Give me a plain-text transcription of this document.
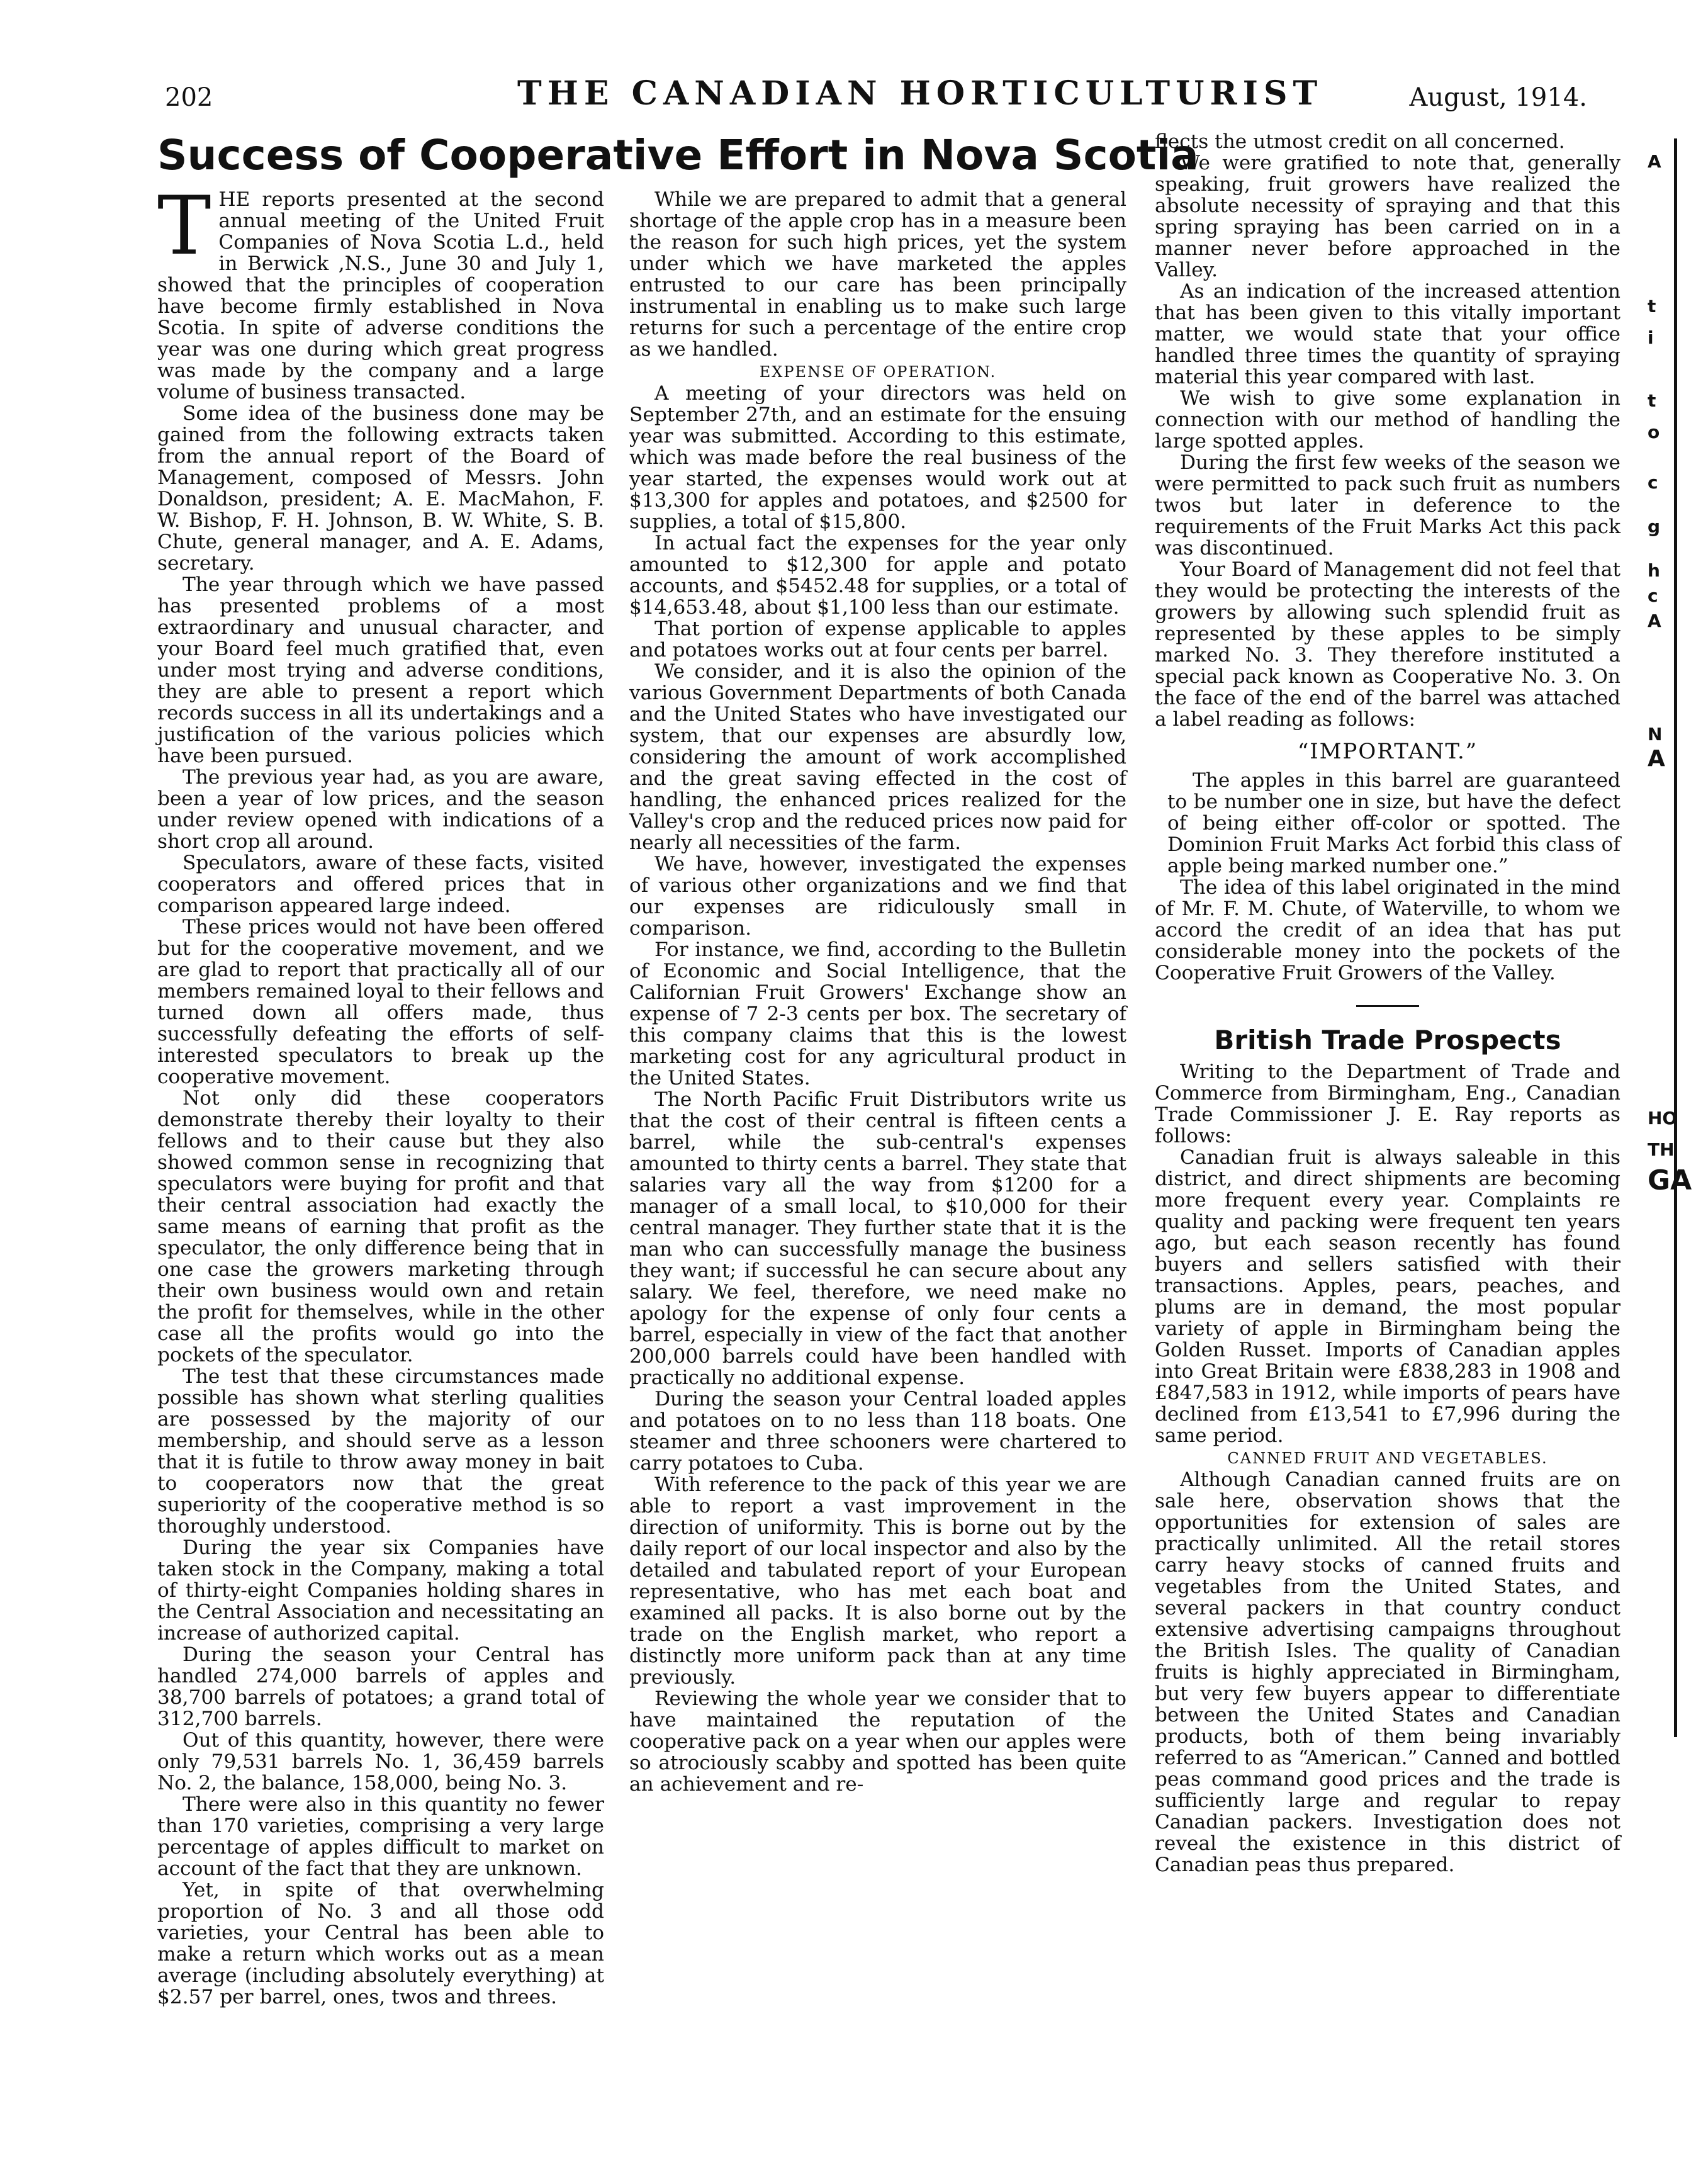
202	THE CANADIAN HORTICULTURIST	August, 1914.
Success of Cooperative Effort in Nova Scotia

THE reports presented at the second annual meeting of the United Fruit Companies of Nova Scotia L.d., held in Berwick ,N.S., June 30 and July 1, showed that the principles of cooperation have become firmly established in Nova Scotia. In spite of adverse conditions the year was one during which great progress was made by the company and a large volume of business transacted.

Some idea of the business done may be gained from the following extracts taken from the annual report of the Board of Management, composed of Messrs. John Donaldson, president; A. E. MacMahon, F. W. Bishop, F. H. Johnson, B. W. White, S. B. Chute, general manager, and A. E. Adams, secretary.

The year through which we have passed has presented problems of a most extraordinary and unusual character, and your Board feel much gratified that, even under most trying and adverse conditions, they are able to present a report which records success in all its undertakings and a justification of the various policies which have been pursued.

The previous year had, as you are aware, been a year of low prices, and the season under review opened with indications of a short crop all around.

Speculators, aware of these facts, visited cooperators and offered prices that in comparison appeared large indeed.

These prices would not have been offered but for the cooperative movement, and we are glad to report that practically all of our members remained loyal to their fellows and turned down all offers made, thus successfully defeating the efforts of self-interested speculators to break up the cooperative movement.

Not only did these cooperators demonstrate thereby their loyalty to their fellows and to their cause but they also showed common sense in recognizing that speculators were buying for profit and that their central association had exactly the same means of earning that profit as the speculator, the only difference being that in one case the growers marketing through their own business would own and retain the profit for themselves, while in the other case all the profits would go into the pockets of the speculator.

The test that these circumstances made possible has shown what sterling qualities are possessed by the majority of our membership, and should serve as a lesson that it is futile to throw away money in bait to cooperators now that the great superiority of the cooperative method is so thoroughly understood.

During the year six Companies have taken stock in the Company, making a total of thirty-eight Companies holding shares in the Central Association and necessitating an increase of authorized capital.

During the season your Central has handled 274,000 barrels of apples and 38,700 barrels of potatoes; a grand total of 312,700 barrels.

Out of this quantity, however, there were only 79,531 barrels No. 1, 36,459 barrels No. 2, the balance, 158,000, being No. 3.

There were also in this quantity no fewer than 170 varieties, comprising a very large percentage of apples difficult to market on account of the fact that they are unknown.

Yet, in spite of that overwhelming proportion of No. 3 and all those odd varieties, your Central has been able to make a return which works out as a mean average (including absolutely everything) at $2.57 per barrel, ones, twos and threes.

While we are prepared to admit that a general shortage of the apple crop has in a measure been the reason for such high prices, yet the system under which we have marketed the apples entrusted to our care has been principally instrumental in enabling us to make such large returns for such a percentage of the entire crop as we handled.

EXPENSE OF OPERATION.

A meeting of your directors was held on September 27th, and an estimate for the ensuing year was submitted. According to this estimate, which was made before the real business of the year started, the expenses would work out at $13,300 for apples and potatoes, and $2500 for supplies, a total of $15,800.

In actual fact the expenses for the year only amounted to $12,300 for apple and potato accounts, and $5452.48 for supplies, or a total of $14,653.48, about $1,100 less than our estimate.

That portion of expense applicable to apples and potatoes works out at four cents per barrel.

We consider, and it is also the opinion of the various Government Departments of both Canada and the United States who have investigated our system, that our expenses are absurdly low, considering the amount of work accomplished and the great saving effected in the cost of handling, the enhanced prices realized for the Valley's crop and the reduced prices now paid for nearly all necessities of the farm.

We have, however, investigated the expenses of various other organizations and we find that our expenses are ridiculously small in comparison.

For instance, we find, according to the Bulletin of Economic and Social Intelligence, that the Californian Fruit Growers' Exchange show an expense of 7 2-3 cents per box. The secretary of this company claims that this is the lowest marketing cost for any agricultural product in the United States.

The North Pacific Fruit Distributors write us that the cost of their central is fifteen cents a barrel, while the sub-central's expenses amounted to thirty cents a barrel. They state that salaries vary all the way from $1200 for a manager of a small local, to $10,000 for their central manager. They further state that it is the man who can successfully manage the business they want; if successful he can secure about any salary. We feel, therefore, we need make no apology for the expense of only four cents a barrel, especially in view of the fact that another 200,000 barrels could have been handled with practically no additional expense.

During the season your Central loaded apples and potatoes on to no less than 118 boats. One steamer and three schooners were chartered to carry potatoes to Cuba.

With reference to the pack of this year we are able to report a vast improvement in the direction of uniformity. This is borne out by the daily report of our local inspector and also by the detailed and tabulated report of your European representative, who has met each boat and examined all packs. It is also borne out by the trade on the English market, who report a distinctly more uniform pack than at any time previously.

Reviewing the whole year we consider that to have maintained the reputation of the cooperative pack on a year when our apples were so atrociously scabby and spotted has been quite an achievement and re-

flects the utmost credit on all concerned.

We were gratified to note that, generally speaking, fruit growers have realized the absolute necessity of spraying and that this spring spraying has been carried on in a manner never before approached in the Valley.

As an indication of the increased attention that has been given to this vitally important matter, we would state that your office handled three times the quantity of spraying material this year compared with last.

We wish to give some explanation in connection with our method of handling the large spotted apples.

During the first few weeks of the season we were permitted to pack such fruit as numbers twos but later in deference to the requirements of the Fruit Marks Act this pack was discontinued.

Your Board of Management did not feel that they would be protecting the interests of the growers by allowing such splendid fruit as represented by these apples to be simply marked No. 3. They therefore instituted a special pack known as Cooperative No. 3. On the face of the end of the barrel was attached a label reading as follows:

“IMPORTANT.”

The apples in this barrel are guaranteed to be number one in size, but have the defect of being either off-color or spotted. The Dominion Fruit Marks Act forbid this class of apple being marked number one.”

The idea of this label originated in the mind of Mr. F. M. Chute, of Waterville, to whom we accord the credit of an idea that has put considerable money into the pockets of the Cooperative Fruit Growers of the Valley.

British Trade Prospects

Writing to the Department of Trade and Commerce from Birmingham, Eng., Canadian Trade Commissioner J. E. Ray reports as follows:

Canadian fruit is always saleable in this district, and direct shipments are becoming more frequent every year. Complaints re quality and packing were frequent ten years ago, but each season recently has found buyers and sellers satisfied with their transactions. Apples, pears, peaches, and plums are in demand, the most popular variety of apple in Birmingham being the Golden Russet. Imports of Canadian apples into Great Britain were £838,283 in 1908 and £847,583 in 1912, while imports of pears have declined from £13,541 to £7,996 during the same period.

CANNED FRUIT AND VEGETABLES.

Although Canadian canned fruits are on sale here, observation shows that the opportunities for extension of sales are practically unlimited. All the retail stores carry heavy stocks of canned fruits and vegetables from the United States, and several packers in that country conduct extensive advertising campaigns throughout the British Isles. The quality of Canadian fruits is highly appreciated in Birmingham, but very few buyers appear to differentiate between the United States and Canadian products, both of them being invariably referred to as “American.” Canned and bottled peas command good prices and the trade is sufficiently large and regular to repay Canadian packers. Investigation does not reveal the existence in this district of Canadian peas thus prepared.

A
t
i
t
o
c
g
h
c
A
N
A
HO
TH
GA
